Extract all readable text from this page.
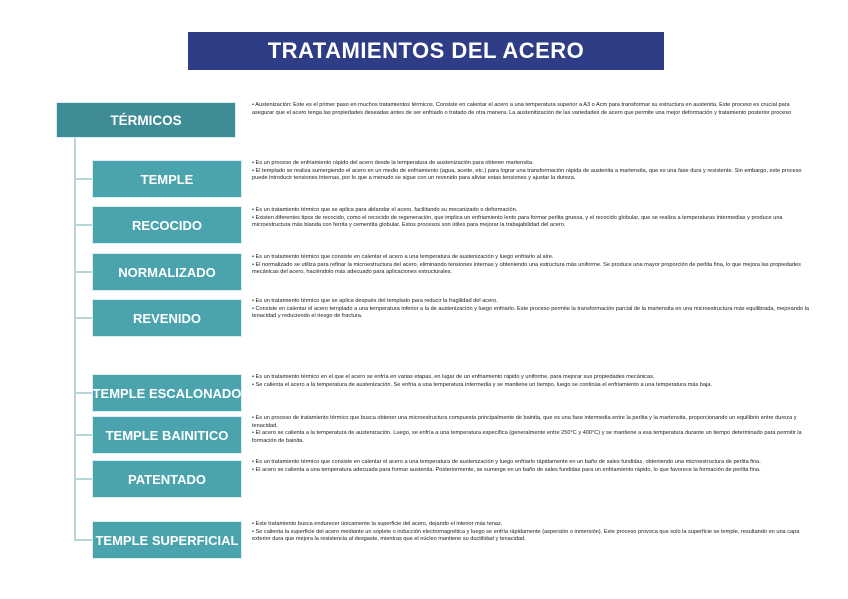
TRATAMIENTOS DEL ACERO
TÉRMICOS

• Austenización: Este es el primer paso en muchos tratamientos térmicos. Consiste en calentar el acero a una temperatura superior a A3 o Acm para transformar su estructura en austenita. Este proceso es crucial para asegurar que el acero tenga las propiedades deseadas antes de ser enfriado o tratado de otra manera. La austenitización de las variedades de acero que permite una mejor deformación y tratamiento posterior proceso

TEMPLE

• Es un proceso de enfriamiento rápido del acero desde la temperatura de austenización para obtener martensita.

• El templado se realiza sumergiendo el acero en un medio de enfriamiento (agua, aceite, etc.) para lograr una transformación rápida de austenita a martensita, que es una fase dura y resistente. Sin embargo, este proceso puede introducir tensiones internas, por lo que a menudo se sigue con un revenido para aliviar estas tensiones y ajustar la dureza.

RECOCIDO

• Es un tratamiento térmico que se aplica para ablandar el acero, facilitando su mecanizado o deformación.

• Existen diferentes tipos de recocido, como el recocido de regeneración, que implica un enfriamiento lento para formar perlita gruesa, y el recocido globular, que se realiza a temperaturas intermedias y produce una microestructura más blanda con ferrita y cementita globular. Estos procesos son útiles para mejorar la trabajabilidad del acero.

NORMALIZADO

• Es un tratamiento térmico que consiste en calentar el acero a una temperatura de austenización y luego enfriarlo al aire.

• El normalizado se utiliza para refinar la microestructura del acero, eliminando tensiones internas y obteniendo una estructura más uniforme. Se produce una mayor proporción de perlita fina, lo que mejora las propiedades mecánicas del acero, haciéndolo más adecuado para aplicaciones estructurales.

REVENIDO

• Es un tratamiento térmico que se aplica después del templado para reducir la fragilidad del acero.

• Consiste en calentar el acero templado a una temperatura inferior a la de austenización y luego enfriarlo. Este proceso permite la transformación parcial de la martensita en una microestructura más equilibrada, mejorando la tenacidad y reduciendo el riesgo de fractura.

TEMPLE ESCALONADO

• Es un tratamiento térmico en el que el acero se enfría en varias etapas, en lugar de un enfriamiento rápido y uniforme, para mejorar sus propiedades mecánicas.

• Se calienta el acero a la temperatura de austenización. Se enfría a una temperatura intermedia y se mantiene un tiempo, luego se continúa el enfriamiento a una temperatura más baja.

TEMPLE BAINITICO

• Es un proceso de tratamiento térmico que busca obtener una microestructura compuesta principalmente de bainita, que es una fase intermedia entre la perlita y la martensita, proporcionando un equilibrio entre dureza y tenacidad.

• El acero se calienta a la temperatura de austenización. Luego, se enfría a una temperatura específica (generalmente entre 250°C y 400°C) y se mantiene a esa temperatura durante un tiempo determinado para permitir la formación de bainita.

PATENTADO

• Es un tratamiento térmico que consiste en calentar el acero a una temperatura de austenización y luego enfriarlo rápidamente en un baño de sales fundidas, obteniendo una microestructura de perlita fina.

• El acero se calienta a una temperatura adecuada para formar austenita. Posteriormente, se sumerge en un baño de sales fundidas para un enfriamiento rápido, lo que favorece la formación de perlita fina.

TEMPLE SUPERFICIAL

• Este tratamiento busca endurecer únicamente la superficie del acero, dejando el interior más tenaz.

• Se calienta la superficie del acero mediante un soplete o inducción electromagnética y luego se enfría rápidamente (aspersión o inmersión). Este proceso provoca que solo la superficie se temple, resultando en una capa exterior dura que mejora la resistencia al desgaste, mientras que el núcleo mantiene su ductilidad y tenacidad.
